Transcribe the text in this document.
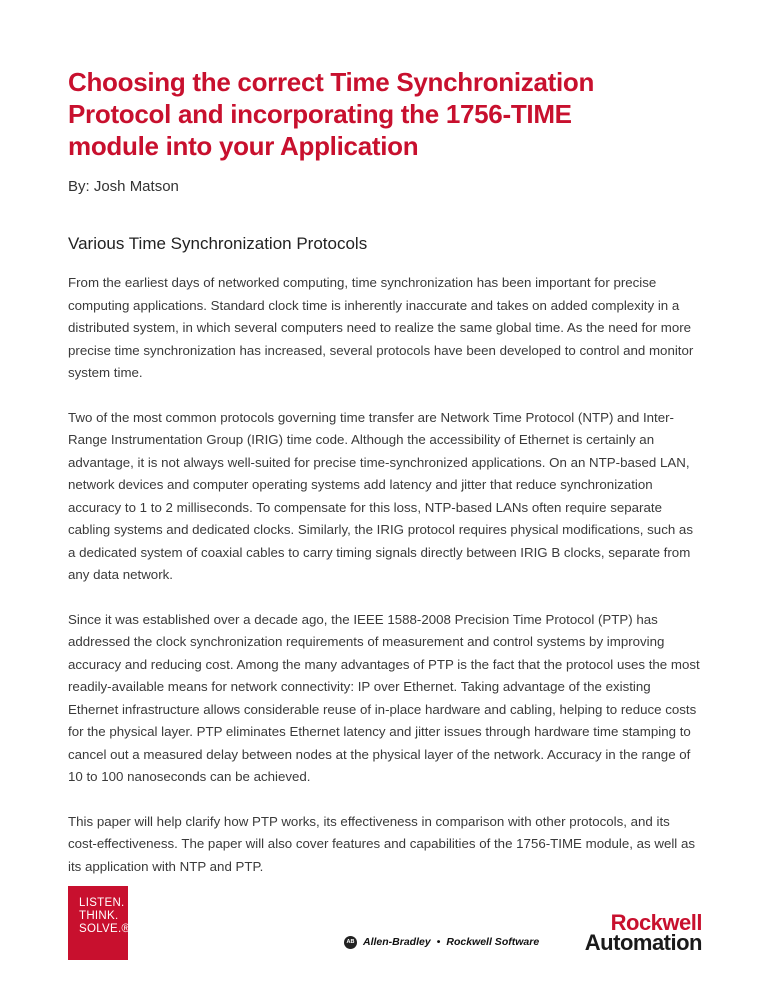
Choosing the correct Time Synchronization Protocol and incorporating the 1756-TIME module into your Application

By: Josh Matson

Various Time Synchronization Protocols

From the earliest days of networked computing, time synchronization has been important for precise computing applications. Standard clock time is inherently inaccurate and takes on added complexity in a distributed system, in which several computers need to realize the same global time. As the need for more precise time synchronization has increased, several protocols have been developed to control and monitor system time.

Two of the most common protocols governing time transfer are Network Time Protocol (NTP) and Inter-Range Instrumentation Group (IRIG) time code. Although the accessibility of Ethernet is certainly an advantage, it is not always well-suited for precise time-synchronized applications. On an NTP-based LAN, network devices and computer operating systems add latency and jitter that reduce synchronization accuracy to 1 to 2 milliseconds. To compensate for this loss, NTP-based LANs often require separate cabling systems and dedicated clocks. Similarly, the IRIG protocol requires physical modifications, such as a dedicated system of coaxial cables to carry timing signals directly between IRIG B clocks, separate from any data network.

Since it was established over a decade ago, the IEEE 1588-2008 Precision Time Protocol (PTP) has addressed the clock synchronization requirements of measurement and control systems by improving accuracy and reducing cost. Among the many advantages of PTP is the fact that the protocol uses the most readily-available means for network connectivity: IP over Ethernet. Taking advantage of the existing Ethernet infrastructure allows considerable reuse of in-place hardware and cabling, helping to reduce costs for the physical layer. PTP eliminates Ethernet latency and jitter issues through hardware time stamping to cancel out a measured delay between nodes at the physical layer of the network. Accuracy in the range of 10 to 100 nanoseconds can be achieved.

This paper will help clarify how PTP works, its effectiveness in comparison with other protocols, and its cost-effectiveness. The paper will also cover features and capabilities of the 1756-TIME module, as well as its application with NTP and PTP.

LISTEN.
THINK.
SOLVE.®
AB Allen-Bradley • Rockwell Software
Rockwell
Automation
